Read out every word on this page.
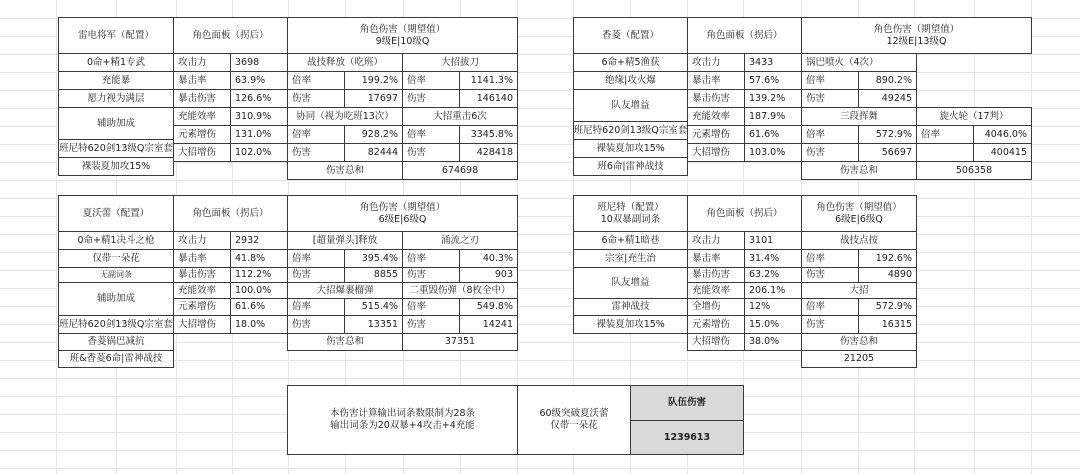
雷电将军（配置）
0命+精1专武
充能暴
愿力视为满层
辅助加成
班尼特620剑13级Q宗室套
裸装夏加攻15%
角色面板（拐后）
攻击力	3698
暴击率	63.9%
暴击伤害	126.6%
充能效率	310.9%
元素增伤	131.0%
大招增伤	102.0%
角色伤害（期望值）
9级E|10级Q
战技释放（吃班）	大招拔刀
倍率	199.2% 倍率	1141.3%
伤害	17697 伤害	146140
协同（视为吃班13次）	大招重击6次
倍率	928.2% 倍率	3345.8%
伤害	82444 伤害	428418
伤害总和	674698
香菱（配置）
6命+精5渔获
绝缘|攻火爆
队友增益
班尼特620剑13级Q宗室套
裸装夏加攻15%
班6命|雷神战技
角色面板（拐后）
攻击力	3433
暴击率	57.6%
暴击伤害	139.2%
充能效率	187.9%
元素增伤	61.6%
大招增伤	103.0%
角色伤害（期望值）
12级E|13级Q
锅巴喷火（4次）
倍率	890.2%
伤害	49245
三段挥舞	旋火轮（17判）
倍率	572.9% 倍率	4046.0%
伤害	56697	400415
伤害总和	506358
夏沃蕾（配置）
0命+精1决斗之枪
仅带一朵花
无副词条
辅助加成
班尼特620剑13级Q宗室套
香菱锅巴减抗
班&香菱6命|雷神战技
角色面板（拐后）
攻击力	2932
暴击率	41.8%
暴击伤害	112.2%
充能效率	100.0%
元素增伤	61.6%
大招增伤	18.0%
角色伤害（期望值）
6级E|6级Q
[超量弹头]释放	涌流之刃
倍率	395.4% 倍率	40.3%
伤害	8855 伤害	903
大招爆裹榴弹	二重毁伤弹（8枚全中）
倍率	515.4% 倍率	549.8%
伤害	13351 伤害	14241
伤害总和	37351
班尼特（配置）
10双暴副词条
6命+精1暗巷
宗室|充生治
队友增益
雷神战技
裸装夏加攻15%
角色面板（拐后）
攻击力	3101
暴击率	31.4%
暴击伤害	63.2%
充能效率	206.1%
全增伤	12%
元素增伤	15.0%
大招增伤	38.0%
角色伤害（期望值）
6级E|6级Q
战技点按
倍率	192.6%
伤害	4890
大招
倍率	572.9%
伤害	16315
伤害总和
21205
本伤害计算输出词条数限制为28条
输出词条为20双暴+4攻击+4充能
60级突破夏沃蕾
仅带一朵花
队伍伤害
1239613
